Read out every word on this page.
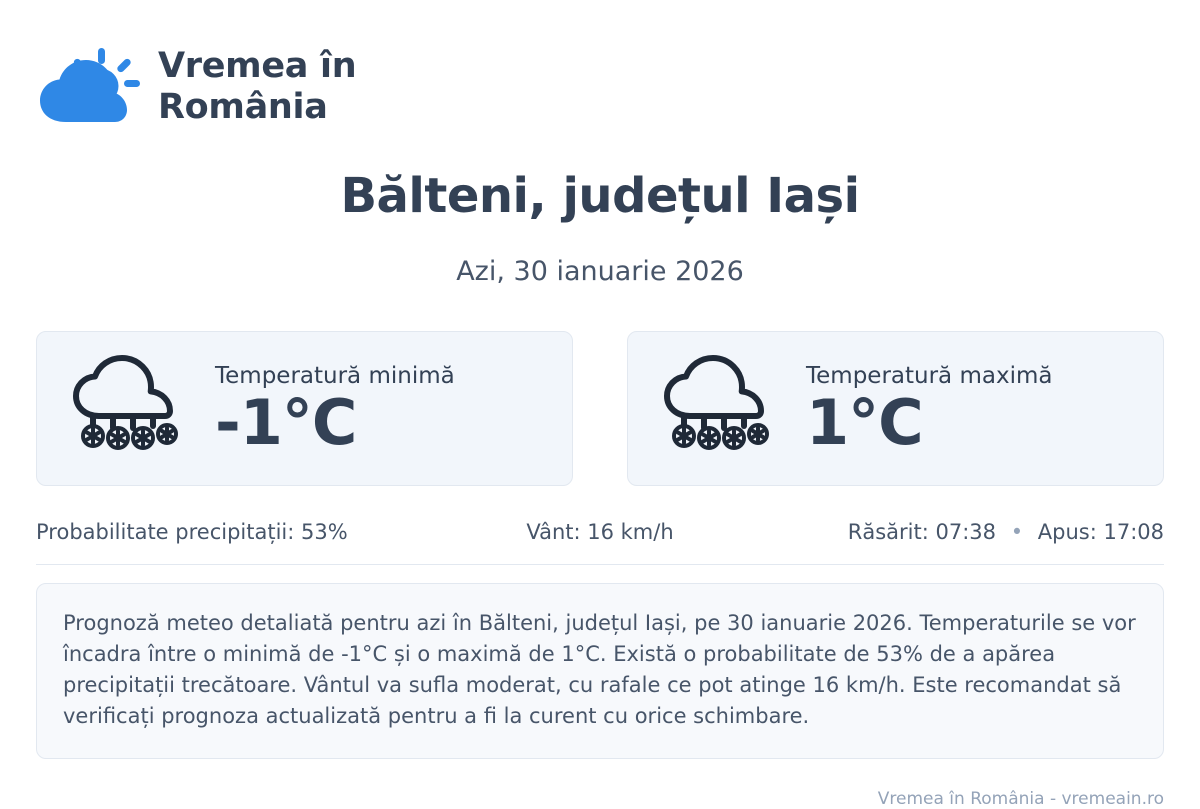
Vremea în
România
Bălteni, județul Iași
Azi, 30 ianuarie 2026
Temperatură minimă
-1°C
Temperatură maximă
1°C
Probabilitate precipitații: 53%	Vânt: 16 km/h	Răsărit: 07:38 • Apus: 17:08
Prognoză meteo detaliată pentru azi în Bălteni, județul Iași, pe 30 ianuarie 2026. Temperaturile se vor încadra între o minimă de -1°C și o maximă de 1°C. Există o probabilitate de 53% de a apărea precipitații trecătoare. Vântul va sufla moderat, cu rafale ce pot atinge 16 km/h. Este recomandat să verificați prognoza actualizată pentru a fi la curent cu orice schimbare.
Vremea în România - vremeain.ro
